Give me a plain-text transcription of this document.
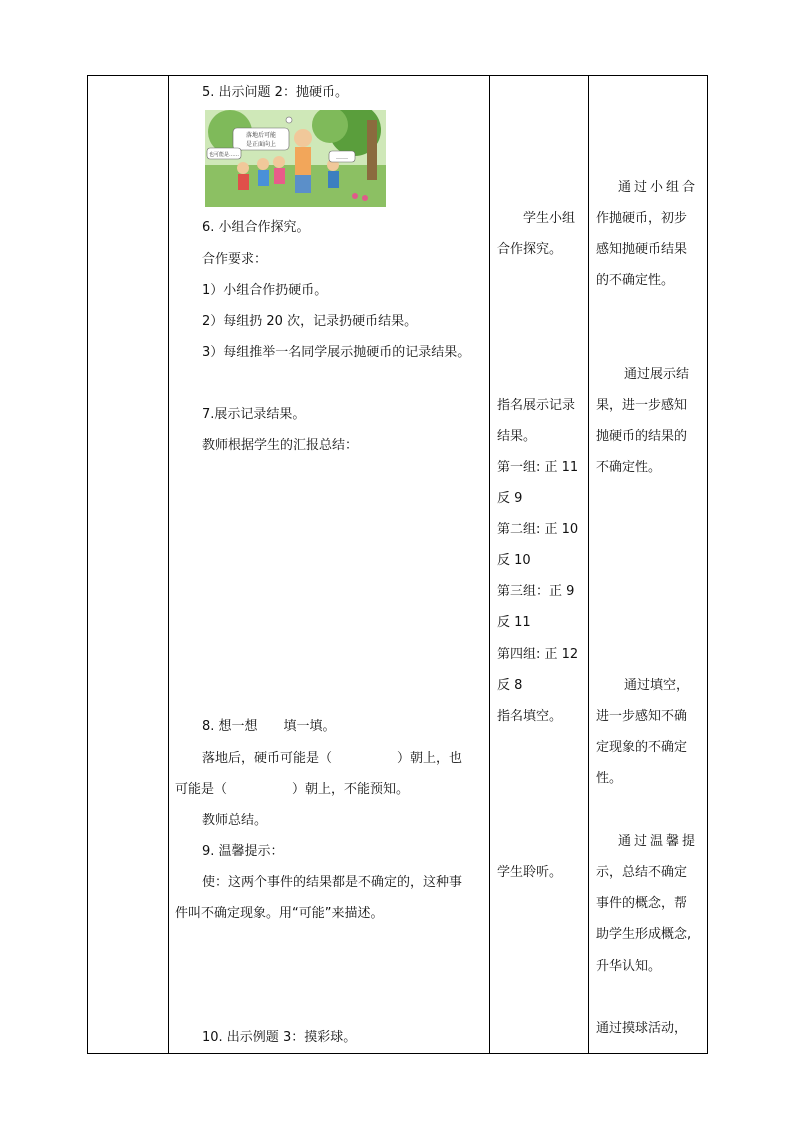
5. 出示问题 2：抛硬币。
落地后可能
是正面向上
也可能是……	……
6. 小组合作探究。
合作要求：
1）小组合作扔硬币。
2）每组扔 20 次，记录扔硬币结果。
3）每组推举一名同学展示抛硬币的记录结果。
7.展示记录结果。
教师根据学生的汇报总结：
8. 想一想　　填一填。
落地后，硬币可能是（　　　　　）朝上，也
可能是（　　　　　）朝上，不能预知。
教师总结。
9. 温馨提示：
使：这两个事件的结果都是不确定的，这种事
件叫不确定现象。用“可能”来描述。
10. 出示例题 3：摸彩球。
学生小组
合作探究。
指名展示记录
结果。
第一组: 正 11
反 9
第二组: 正 10
反 10
第三组：正 9
反 11
第四组: 正 12
反 8
指名填空。
学生聆听。
通过小组合
作抛硬币，初步
感知抛硬币结果
的不确定性。
通过展示结
果，进一步感知
抛硬币的结果的
不确定性。
通过填空，
进一步感知不确
定现象的不确定
性。
通过温馨提
示，总结不确定
事件的概念，帮
助学生形成概念,
升华认知。
通过摸球活动，
